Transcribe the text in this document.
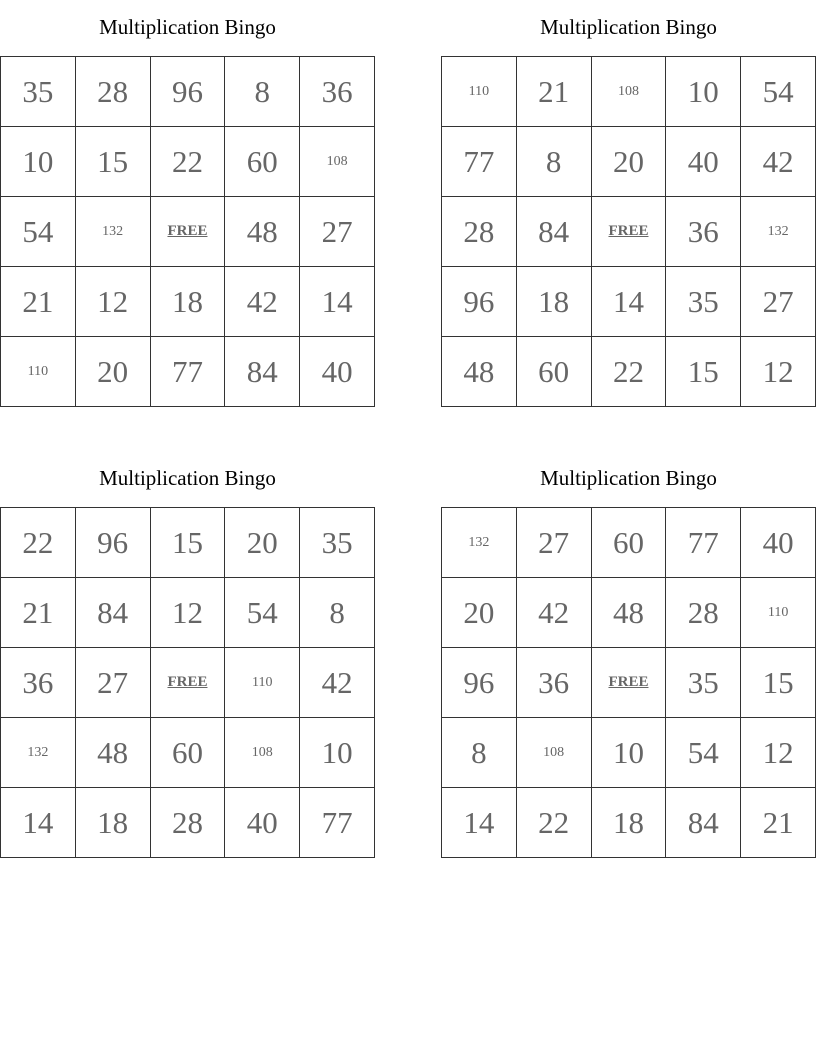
Multiplication Bingo
35	28	96	8	36
10	15	22	60	108
54	132	FREE	48	27
21	12	18	42	14
110	20	77	84	40
Multiplication Bingo
110	21	108	10	54
77	8	20	40	42
28	84	FREE	36	132
96	18	14	35	27
48	60	22	15	12
Multiplication Bingo
22	96	15	20	35
21	84	12	54	8
36	27	FREE	110	42
132	48	60	108	10
14	18	28	40	77
Multiplication Bingo
132	27	60	77	40
20	42	48	28	110
96	36	FREE	35	15
8	108	10	54	12
14	22	18	84	21
